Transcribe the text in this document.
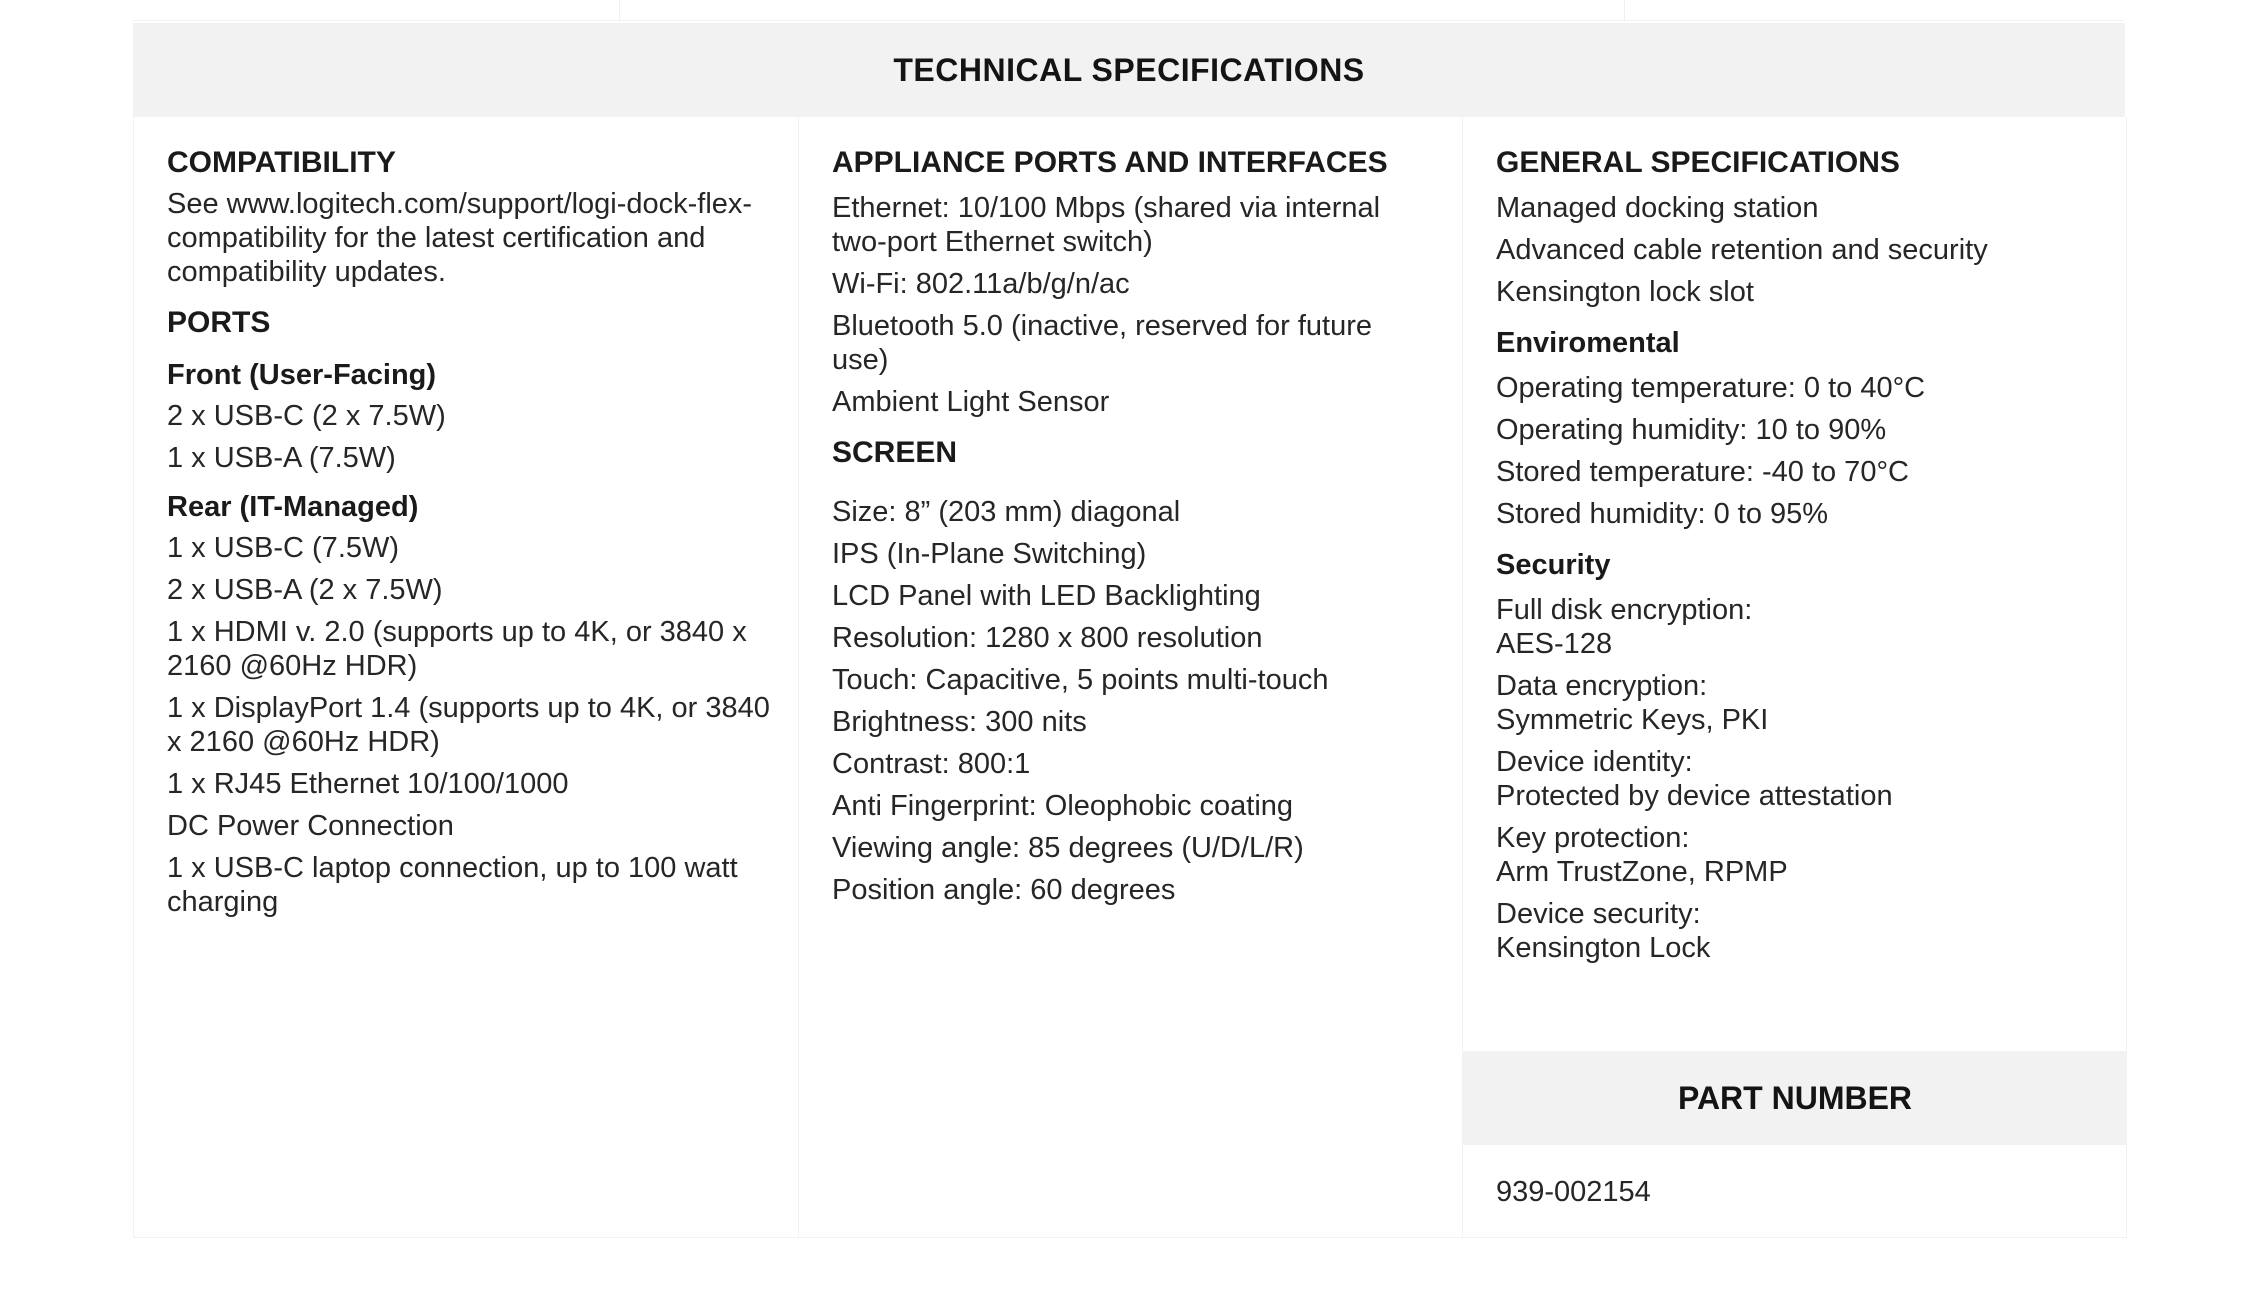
TECHNICAL SPECIFICATIONS
COMPATIBILITY
See www.logitech.com/support/logi-dock-flex-compatibility for the latest certification and compatibility updates.
PORTS
Front (User-Facing)
2 x USB-C (2 x 7.5W)
1 x USB-A (7.5W)
Rear (IT-Managed)
1 x USB-C (7.5W)
2 x USB-A (2 x 7.5W)
1 x HDMI v. 2.0 (supports up to 4K, or 3840 x 2160 @60Hz HDR)
1 x DisplayPort 1.4 (supports up to 4K, or 3840 x 2160 @60Hz HDR)
1 x RJ45 Ethernet 10/100/1000
DC Power Connection
1 x USB-C laptop connection, up to 100 watt charging
APPLIANCE PORTS AND INTERFACES
Ethernet: 10/100 Mbps (shared via internal two-port Ethernet switch)
Wi-Fi: 802.11a/b/g/n/ac
Bluetooth 5.0 (inactive, reserved for future use)
Ambient Light Sensor
SCREEN
Size: 8” (203 mm) diagonal
IPS (In-Plane Switching)
LCD Panel with LED Backlighting
Resolution: 1280 x 800 resolution
Touch: Capacitive, 5 points multi-touch
Brightness: 300 nits
Contrast: 800:1
Anti Fingerprint: Oleophobic coating
Viewing angle: 85 degrees (U/D/L/R)
Position angle: 60 degrees
GENERAL SPECIFICATIONS
Managed docking station
Advanced cable retention and security
Kensington lock slot
Enviromental
Operating temperature: 0 to 40°C
Operating humidity: 10 to 90%
Stored temperature: -40 to 70°C
Stored humidity: 0 to 95%
Security
Full disk encryption:
AES-128
Data encryption:
Symmetric Keys, PKI
Device identity:
Protected by device attestation
Key protection:
Arm TrustZone, RPMP
Device security:
Kensington Lock
PART NUMBER
939-002154
